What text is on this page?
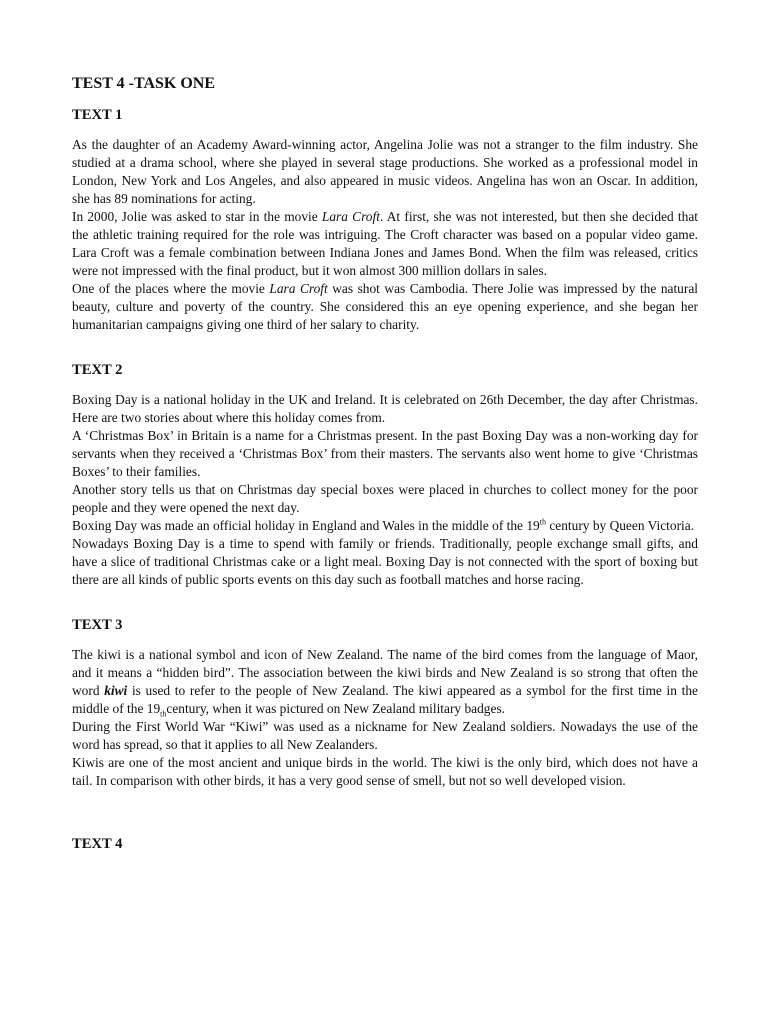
TEST 4 -TASK ONE
TEXT 1

As the daughter of an Academy Award-winning actor, Angelina Jolie was not a stranger to the film industry. She studied at a drama school, where she played in several stage productions. She worked as a professional model in London, New York and Los Angeles, and also appeared in music videos. Angelina has won an Oscar. In addition, she has 89 nominations for acting.

In 2000, Jolie was asked to star in the movie Lara Croft. At first, she was not interested, but then she decided that the athletic training required for the role was intriguing. The Croft character was based on a popular video game. Lara Croft was a female combination between Indiana Jones and James Bond. When the film was released, critics were not impressed with the final product, but it won almost 300 million dollars in sales.

One of the places where the movie Lara Croft was shot was Cambodia. There Jolie was impressed by the natural beauty, culture and poverty of the country. She considered this an eye opening experience, and she began her humanitarian campaigns giving one third of her salary to charity.

TEXT 2

Boxing Day is a national holiday in the UK and Ireland. It is celebrated on 26th December, the day after Christmas. Here are two stories about where this holiday comes from.

A ‘Christmas Box’ in Britain is a name for a Christmas present. In the past Boxing Day was a non-working day for servants when they received a ‘Christmas Box’ from their masters. The servants also went home to give ‘Christmas Boxes’ to their families.

Another story tells us that on Christmas day special boxes were placed in churches to collect money for the poor people and they were opened the next day.

Boxing Day was made an official holiday in England and Wales in the middle of the 19th century by Queen Victoria.

Nowadays Boxing Day is a time to spend with family or friends. Traditionally, people exchange small gifts, and have a slice of traditional Christmas cake or a light meal. Boxing Day is not connected with the sport of boxing but there are all kinds of public sports events on this day such as football matches and horse racing.

TEXT 3

The kiwi is a national symbol and icon of New Zealand. The name of the bird comes from the language of Maor, and it means a “hidden bird”. The association between the kiwi birds and New Zealand is so strong that often the word kiwi is used to refer to the people of New Zealand. The kiwi appeared as a symbol for the first time in the middle of the $19_{th}century$, when it was pictured on New Zealand military badges.

During the First World War “Kiwi” was used as a nickname for New Zealand soldiers. Nowadays the use of the word has spread, so that it applies to all New Zealanders.

Kiwis are one of the most ancient and unique birds in the world. The kiwi is the only bird, which does not have a tail. In comparison with other birds, it has a very good sense of smell, but not so well developed vision.

TEXT 4
